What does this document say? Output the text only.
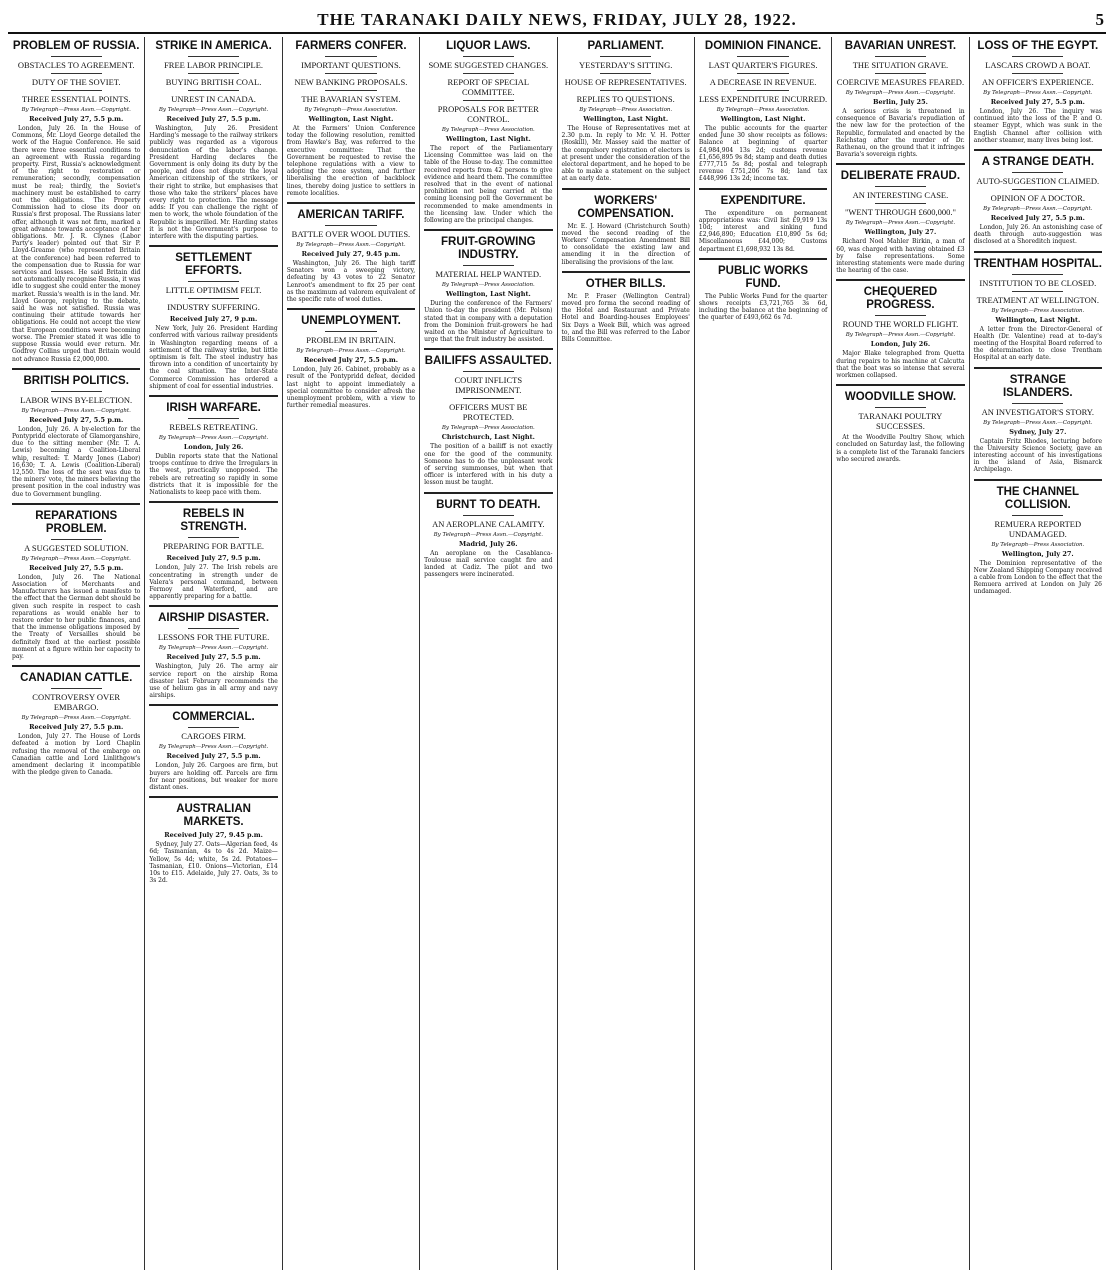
THE TARANAKI DAILY NEWS, FRIDAY, JULY 28, 1922.	5
PROBLEM OF RUSSIA.
OBSTACLES TO AGREEMENT.
DUTY OF THE SOVIET.
THREE ESSENTIAL POINTS.
By Telegraph—Press Assn.—Copyright.
Received July 27, 5.5 p.m.

London, July 26. In the House of Commons, Mr. Lloyd George detailed the work of the Hague Conference. He said there were three essential conditions to an agreement with Russia regarding property. First, Russia's acknowledgment of the right to restoration or remuneration; secondly, compensation must be real; thirdly, the Soviet's machinery must be established to carry out the obligations. The Property Commission had to close its door on Russia's first proposal. The Russians later offer, although it was not firm, marked a great advance towards acceptance of her obligations. Mr. J. R. Clynes (Labor Party's leader) pointed out that Sir P. Lloyd-Greame (who represented Britain at the conference) had been referred to the compensation due to Russia for war services and losses. He said Britain did not automatically recognise Russia, it was idle to suggest she could enter the money market. Russia's wealth is in the land. Mr. Lloyd George, replying to the debate, said he was not satisfied. Russia was continuing their attitude towards her obligations. He could not accept the view that European conditions were becoming worse. The Premier stated it was idle to suppose Russia would ever return. Mr. Godfrey Collins urged that Britain would not advance Russia £2,000,000.

BRITISH POLITICS.
LABOR WINS BY-ELECTION.
By Telegraph—Press Assn.—Copyright.
Received July 27, 5.5 p.m.

London, July 26. A by-election for the Pontypridd electorate of Glamorganshire, due to the sitting member (Mr. T. A. Lewis) becoming a Coalition-Liberal whip, resulted: T. Mardy Jones (Labor) 16,630; T. A. Lewis (Coalition-Liberal) 12,550. The loss of the seat was due to the miners' vote, the miners believing the present position in the coal industry was due to Government bungling.

REPARATIONS PROBLEM.
A SUGGESTED SOLUTION.
By Telegraph—Press Assn.—Copyright.
Received July 27, 5.5 p.m.

London, July 26. The National Association of Merchants and Manufacturers has issued a manifesto to the effect that the German debt should be given such respite in respect to cash reparations as would enable her to restore order to her public finances, and that the immense obligations imposed by the Treaty of Versailles should be definitely fixed at the earliest possible moment at a figure within her capacity to pay.

CANADIAN CATTLE.
CONTROVERSY OVER EMBARGO.
By Telegraph—Press Assn.—Copyright.
Received July 27, 5.5 p.m.

London, July 27. The House of Lords defeated a motion by Lord Chaplin refusing the removal of the embargo on Canadian cattle and Lord Linlithgow's amendment declaring it incompatible with the pledge given to Canada.

STRIKE IN AMERICA.
FREE LABOR PRINCIPLE.
BUYING BRITISH COAL.
UNREST IN CANADA.
By Telegraph—Press Assn.—Copyright.
Received July 27, 5.5 p.m.

Washington, July 26. President Harding's message to the railway strikers publicly was regarded as a vigorous denunciation of the labor's change. President Harding declares the Government is only doing its duty by the people, and does not dispute the loyal American citizenship of the strikers, or their right to strike, but emphasises that those who take the strikers' places have every right to protection. The message adds: If you can challenge the right of men to work, the whole foundation of the Republic is imperilled. Mr. Harding states it is not the Government's purpose to interfere with the disputing parties.

SETTLEMENT EFFORTS.
LITTLE OPTIMISM FELT.
INDUSTRY SUFFERING.
Received July 27, 9 p.m.

New York, July 26. President Harding conferred with various railway presidents in Washington regarding means of a settlement of the railway strike, but little optimism is felt. The steel industry has thrown into a condition of uncertainty by the coal situation. The Inter-State Commerce Commission has ordered a shipment of coal for essential industries.

IRISH WARFARE.
REBELS RETREATING.
By Telegraph—Press Assn.—Copyright.
London, July 26.

Dublin reports state that the National troops continue to drive the Irregulars in the west, practically unopposed. The rebels are retreating so rapidly in some districts that it is impossible for the Nationalists to keep pace with them.

REBELS IN STRENGTH.
PREPARING FOR BATTLE.
Received July 27, 9.5 p.m.

London, July 27. The Irish rebels are concentrating in strength under de Valera's personal command, between Fermoy and Waterford, and are apparently preparing for a battle.

AIRSHIP DISASTER.
LESSONS FOR THE FUTURE.
By Telegraph—Press Assn.—Copyright.
Received July 27, 5.5 p.m.

Washington, July 26. The army air service report on the airship Roma disaster last February recommends the use of helium gas in all army and navy airships.

COMMERCIAL.
CARGOES FIRM.
By Telegraph—Press Assn.—Copyright.
Received July 27, 5.5 p.m.

London, July 26. Cargoes are firm, but buyers are holding off. Parcels are firm for near positions, but weaker for more distant ones.

AUSTRALIAN MARKETS.
Received July 27, 9.45 p.m.

Sydney, July 27. Oats—Algerian feed, 4s 6d; Tasmanian, 4s to 4s 2d. Maize—Yellow, 5s 4d; white, 5s 2d. Potatoes—Tasmanian, £10. Onions—Victorian, £14 10s to £15. Adelaide, July 27. Oats, 3s to 3s 2d.

FARMERS CONFER.
IMPORTANT QUESTIONS.
NEW BANKING PROPOSALS.
THE BAVARIAN SYSTEM.
By Telegraph—Press Association.
Wellington, Last Night.

At the Farmers' Union Conference today the following resolution, remitted from Hawke's Bay, was referred to the executive committee: That the Government be requested to revise the telephone regulations with a view to adopting the zone system, and further liberalising the erection of backblock lines, thereby doing justice to settlers in remote localities.

AMERICAN TARIFF.
BATTLE OVER WOOL DUTIES.
By Telegraph—Press Assn.—Copyright.
Received July 27, 9.45 p.m.

Washington, July 26. The high tariff Senators won a sweeping victory, defeating by 43 votes to 22 Senator Lenroot's amendment to fix 25 per cent as the maximum ad valorem equivalent of the specific rate of wool duties.

UNEMPLOYMENT.
PROBLEM IN BRITAIN.
By Telegraph—Press Assn.—Copyright.
Received July 27, 5.5 p.m.

London, July 26. Cabinet, probably as a result of the Pontypridd defeat, decided last night to appoint immediately a special committee to consider afresh the unemployment problem, with a view to further remedial measures.

LIQUOR LAWS.
SOME SUGGESTED CHANGES.
REPORT OF SPECIAL COMMITTEE.
PROPOSALS FOR BETTER CONTROL.
By Telegraph—Press Association.
Wellington, Last Night.

The report of the Parliamentary Licensing Committee was laid on the table of the House to-day. The committee received reports from 42 persons to give evidence and heard them. The committee resolved that in the event of national prohibition not being carried at the coming licensing poll the Government be recommended to make amendments in the licensing law. Under which the following are the principal changes.

FRUIT-GROWING INDUSTRY.
MATERIAL HELP WANTED.
By Telegraph—Press Association.
Wellington, Last Night.

During the conference of the Farmers' Union to-day the president (Mr. Polson) stated that in company with a deputation from the Dominion fruit-growers he had waited on the Minister of Agriculture to urge that the fruit industry be assisted.

BAILIFFS ASSAULTED.
COURT INFLICTS IMPRISONMENT.
OFFICERS MUST BE PROTECTED.
By Telegraph—Press Association.
Christchurch, Last Night.

The position of a bailiff is not exactly one for the good of the community. Someone has to do the unpleasant work of serving summonses, but when that officer is interfered with in his duty a lesson must be taught.

BURNT TO DEATH.
AN AEROPLANE CALAMITY.
By Telegraph—Press Assn.—Copyright.
Madrid, July 26.

An aeroplane on the Casablanca-Toulouse mail service caught fire and landed at Cadiz. The pilot and two passengers were incinerated.

PARLIAMENT.
YESTERDAY'S SITTING.
HOUSE OF REPRESENTATIVES.
REPLIES TO QUESTIONS.
By Telegraph—Press Association.
Wellington, Last Night.

The House of Representatives met at 2.30 p.m. In reply to Mr. V. H. Potter (Roskill), Mr. Massey said the matter of the compulsory registration of electors is at present under the consideration of the electoral department, and he hoped to be able to make a statement on the subject at an early date.

WORKERS' COMPENSATION.

Mr. E. J. Howard (Christchurch South) moved the second reading of the Workers' Compensation Amendment Bill to consolidate the existing law and amending it in the direction of liberalising the provisions of the law.

OTHER BILLS.

Mr. P. Fraser (Wellington Central) moved pro forma the second reading of the Hotel and Restaurant and Private Hotel and Boarding-houses Employees' Six Days a Week Bill, which was agreed to, and the Bill was referred to the Labor Bills Committee.

DOMINION FINANCE.
LAST QUARTER'S FIGURES.
A DECREASE IN REVENUE.
LESS EXPENDITURE INCURRED.
By Telegraph—Press Association.
Wellington, Last Night.

The public accounts for the quarter ended June 30 show receipts as follows: Balance at beginning of quarter £4,984,904 13s 2d; customs revenue £1,656,895 9s 8d; stamp and death duties £777,715 5s 8d; postal and telegraph revenue £751,206 7s 8d; land tax £448,996 13s 2d; income tax.

EXPENDITURE.

The expenditure on permanent appropriations was: Civil list £9,919 13s 10d; interest and sinking fund £2,946,890; Education £10,890 5s 6d; Miscellaneous £44,000; Customs department £1,698,932 13s 8d.

PUBLIC WORKS FUND.

The Public Works Fund for the quarter shows receipts £3,721,765 3s 6d, including the balance at the beginning of the quarter of £493,662 6s 7d.

BAVARIAN UNREST.
THE SITUATION GRAVE.
COERCIVE MEASURES FEARED.
By Telegraph—Press Assn.—Copyright.
Berlin, July 25.

A serious crisis is threatened in consequence of Bavaria's repudiation of the new law for the protection of the Republic, formulated and enacted by the Reichstag after the murder of Dr. Rathenau, on the ground that it infringes Bavaria's sovereign rights.

DELIBERATE FRAUD.
AN INTERESTING CASE.
"WENT THROUGH £600,000."
By Telegraph—Press Assn.—Copyright.
Wellington, July 27.

Richard Noel Mahler Birkin, a man of 60, was charged with having obtained £3 by false representations. Some interesting statements were made during the hearing of the case.

CHEQUERED PROGRESS.
ROUND THE WORLD FLIGHT.
By Telegraph—Press Assn.—Copyright.
London, July 26.

Major Blake telegraphed from Quetta during repairs to his machine at Calcutta that the boat was so intense that several workmen collapsed.

WOODVILLE SHOW.
TARANAKI POULTRY SUCCESSES.

At the Woodville Poultry Show, which concluded on Saturday last, the following is a complete list of the Taranaki fanciers who secured awards.

LOSS OF THE EGYPT.
LASCARS CROWD A BOAT.
AN OFFICER'S EXPERIENCE.
By Telegraph—Press Assn.—Copyright.
Received July 27, 5.5 p.m.

London, July 26. The inquiry was continued into the loss of the P. and O. steamer Egypt, which was sunk in the English Channel after collision with another steamer, many lives being lost.

A STRANGE DEATH.
AUTO-SUGGESTION CLAIMED.
OPINION OF A DOCTOR.
By Telegraph—Press Assn.—Copyright.
Received July 27, 5.5 p.m.

London, July 26. An astonishing case of death through auto-suggestion was disclosed at a Shoreditch inquest.

TRENTHAM HOSPITAL.
INSTITUTION TO BE CLOSED.
TREATMENT AT WELLINGTON.
By Telegraph—Press Association.
Wellington, Last Night.

A letter from the Director-General of Health (Dr. Valentine) read at to-day's meeting of the Hospital Board referred to the determination to close Trentham Hospital at an early date.

STRANGE ISLANDERS.
AN INVESTIGATOR'S STORY.
By Telegraph—Press Assn.—Copyright.
Sydney, July 27.

Captain Fritz Rhodes, lecturing before the University Science Society, gave an interesting account of his investigations in the island of Asia, Bismarck Archipelago.

THE CHANNEL COLLISION.
REMUERA REPORTED UNDAMAGED.
By Telegraph—Press Association.
Wellington, July 27.

The Dominion representative of the New Zealand Shipping Company received a cable from London to the effect that the Remuera arrived at London on July 26 undamaged.
